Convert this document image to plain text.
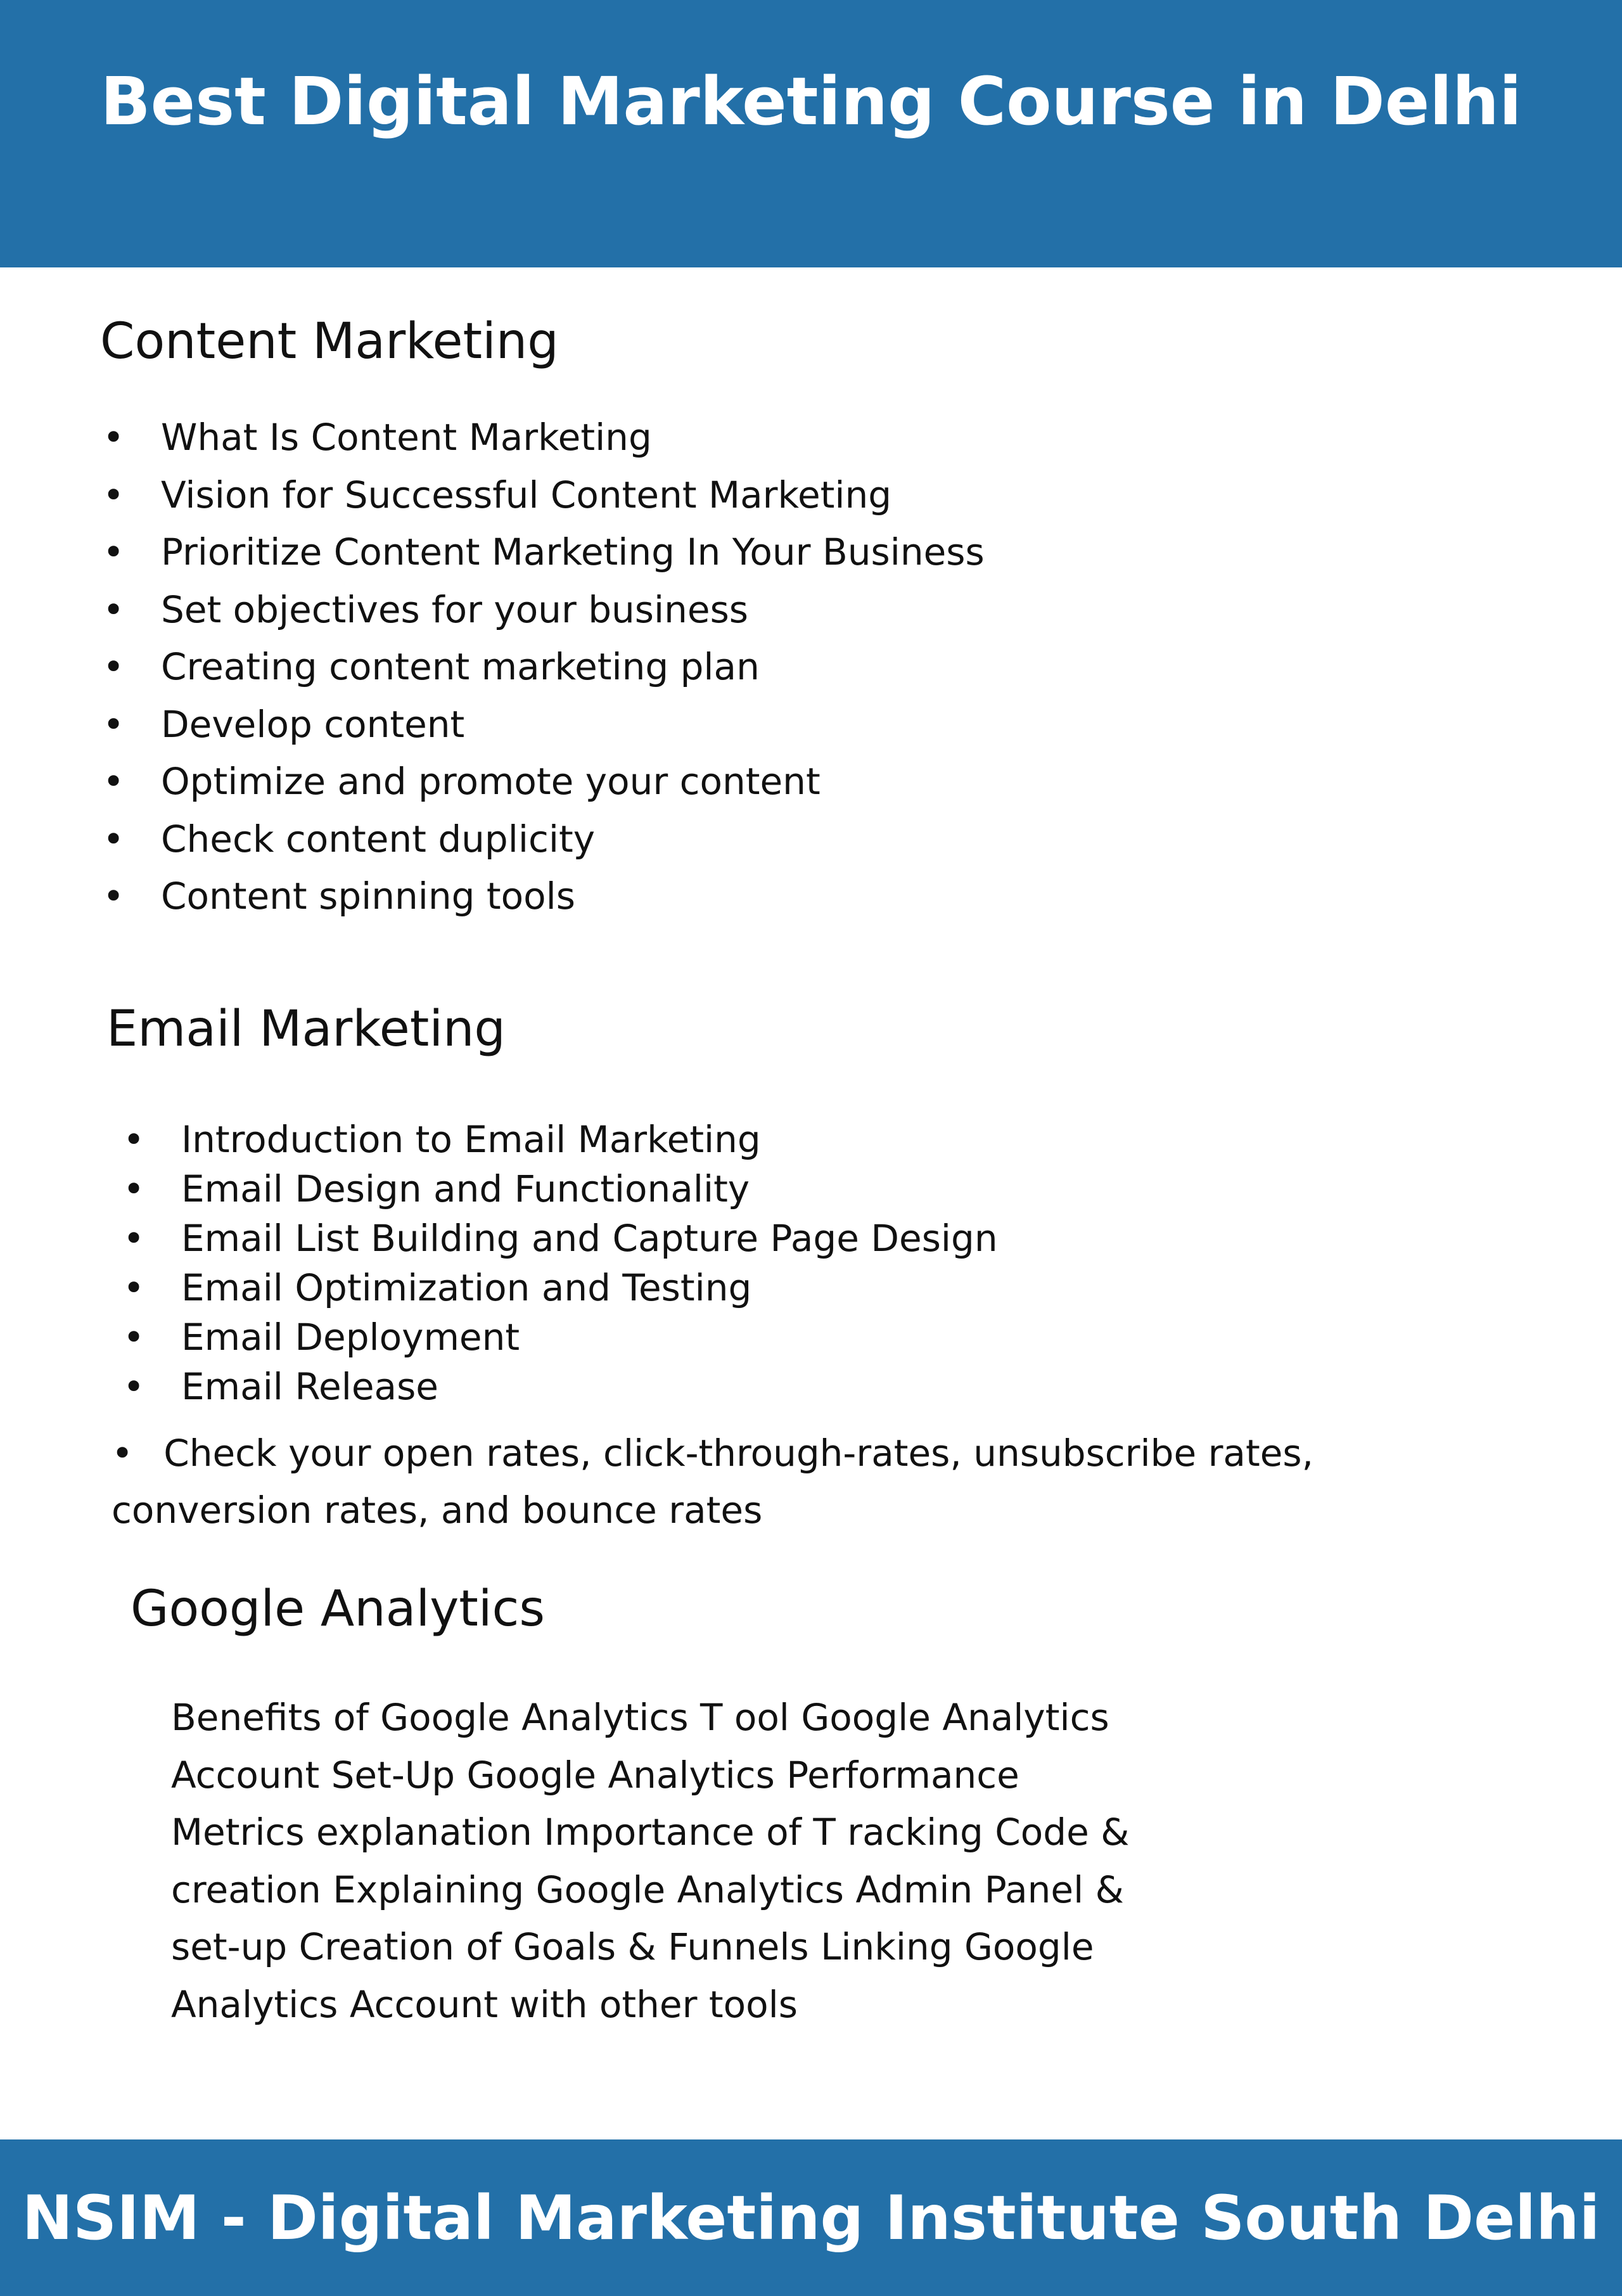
Best Digital Marketing Course in Delhi
Content Marketing
• What Is Content Marketing
• Vision for Successful Content Marketing
• Prioritize Content Marketing In Your Business
• Set objectives for your business
• Creating content marketing plan
• Develop content
• Optimize and promote your content
• Check content duplicity
• Content spinning tools
Email Marketing
• Introduction to Email Marketing
• Email Design and Functionality
• Email List Building and Capture Page Design
• Email Optimization and Testing
• Email Deployment
• Email Release

• Check your open rates, click-through-rates, unsubscribe rates, conversion rates, and bounce rates

Google Analytics

Benefits of Google Analytics T ool Google Analytics Account Set-Up Google Analytics Performance Metrics explanation Importance of T racking Code & creation Explaining Google Analytics Admin Panel & set-up Creation of Goals & Funnels Linking Google Analytics Account with other tools

NSIM - Digital Marketing Institute South Delhi
